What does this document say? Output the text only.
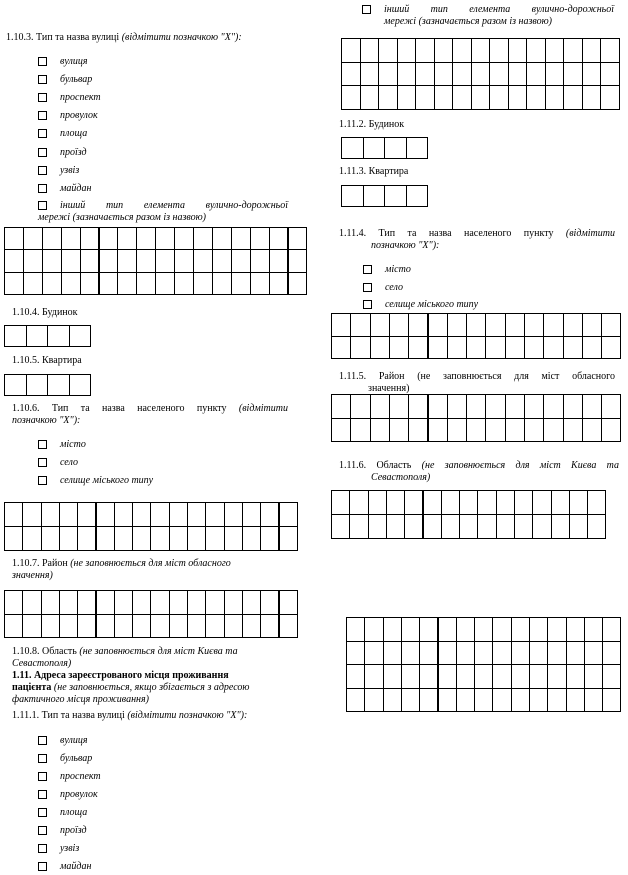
1.10.3. Тип та назва вулиці (відмітити позначкою "X"):
вулиця
бульвар
проспект
провулок
площа
проїзд
узвіз
майдан
інший тип елемента вулично-дорожньої
мережі (зазначається разом із назвою)
1.10.4. Будинок
1.10.5. Квартира
1.10.6. Тип та назва населеного пункту (відмітити
позначкою "X"):
місто
село
селище міського типу
1.10.7. Район (не заповнюється для міст обласного
значення)
1.10.8. Область (не заповнюється для міст Києва та
Севастополя)
1.11. Адреса зареєстрованого місця проживання
пацієнта (не заповнюється, якщо збігається з адресою
фактичного місця проживання)
1.11.1. Тип та назва вулиці (відмітити позначкою "X"):
вулиця
бульвар
проспект
провулок
площа
проїзд
узвіз
майдан
інший тип елемента вулично-дорожньої
мережі (зазначається разом із назвою)
1.11.2. Будинок
1.11.3. Квартира
1.11.4. Тип та назва населеного пункту (відмітити
позначкою "X"):
місто
село
селище міського типу
1.11.5. Район (не заповнюється для міст обласного
значення)
1.11.6. Область (не заповнюється для міст Києва та
Севастополя)
